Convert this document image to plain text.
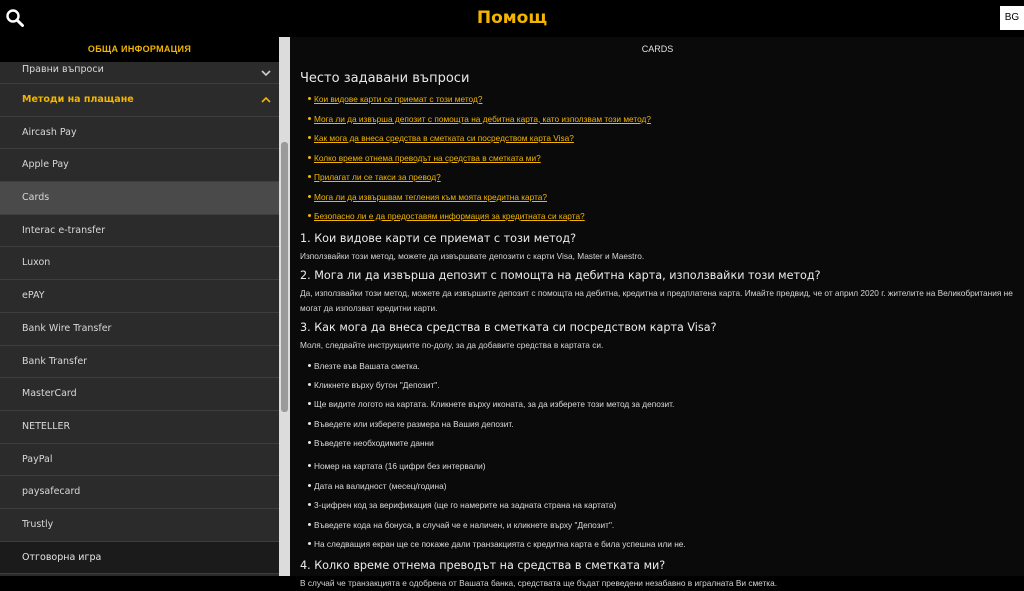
Помощ	BG
ОБЩА ИНФОРМАЦИЯ
Правни въпроси
Методи на плащане
Aircash Pay
Apple Pay
Cards
Interac e-transfer
Luxon
ePAY
Bank Wire Transfer
Bank Transfer
MasterCard
NETELLER
PayPal
paysafecard
Trustly
Отговорна игра
CARDS
Често задавани въпроси
Кои видове карти се приемат с този метод?
Мога ли да извърша депозит с помощта на дебитна карта, като използвам този метод?
Как мога да внеса средства в сметката си посредством карта Visa?
Колко време отнема преводът на средства в сметката ми?
Прилагат ли се такси за превод?
Мога ли да извършвам тегления към моята кредитна карта?
Безопасно ли е да предоставям информация за кредитната си карта?
1. Кои видове карти се приемат с този метод?
Използвайки този метод, можете да извършвате депозити с карти Visa, Master и Maestro.
2. Мога ли да извърша депозит с помощта на дебитна карта, използвайки този метод?
Да, използвайки този метод, можете да извършите депозит с помощта на дебитна, кредитна и предплатена карта. Имайте предвид, че от април 2020 г. жителите на Великобритания не могат да използват кредитни карти.
3. Как мога да внеса средства в сметката си посредством карта Visa?
Моля, следвайте инструкциите по-долу, за да добавите средства в картата си.
Влезте във Вашата сметка.
Кликнете върху бутон "Депозит".
Ще видите логото на картата. Кликнете върху иконата, за да изберете този метод за депозит.
Въведете или изберете размера на Вашия депозит.
Въведете необходимите данни
Номер на картата (16 цифри без интервали)
Дата на валидност (месец/година)
3-цифрен код за верификация (ще го намерите на задната страна на картата)
Въведете кода на бонуса, в случай че е наличен, и кликнете върху "Депозит".
На следващия екран ще се покаже дали транзакцията с кредитна карта е била успешна или не.
4. Колко време отнема преводът на средства в сметката ми?
В случай че транзакцията е одобрена от Вашата банка, средствата ще бъдат преведени незабавно в игралната Ви сметка.
